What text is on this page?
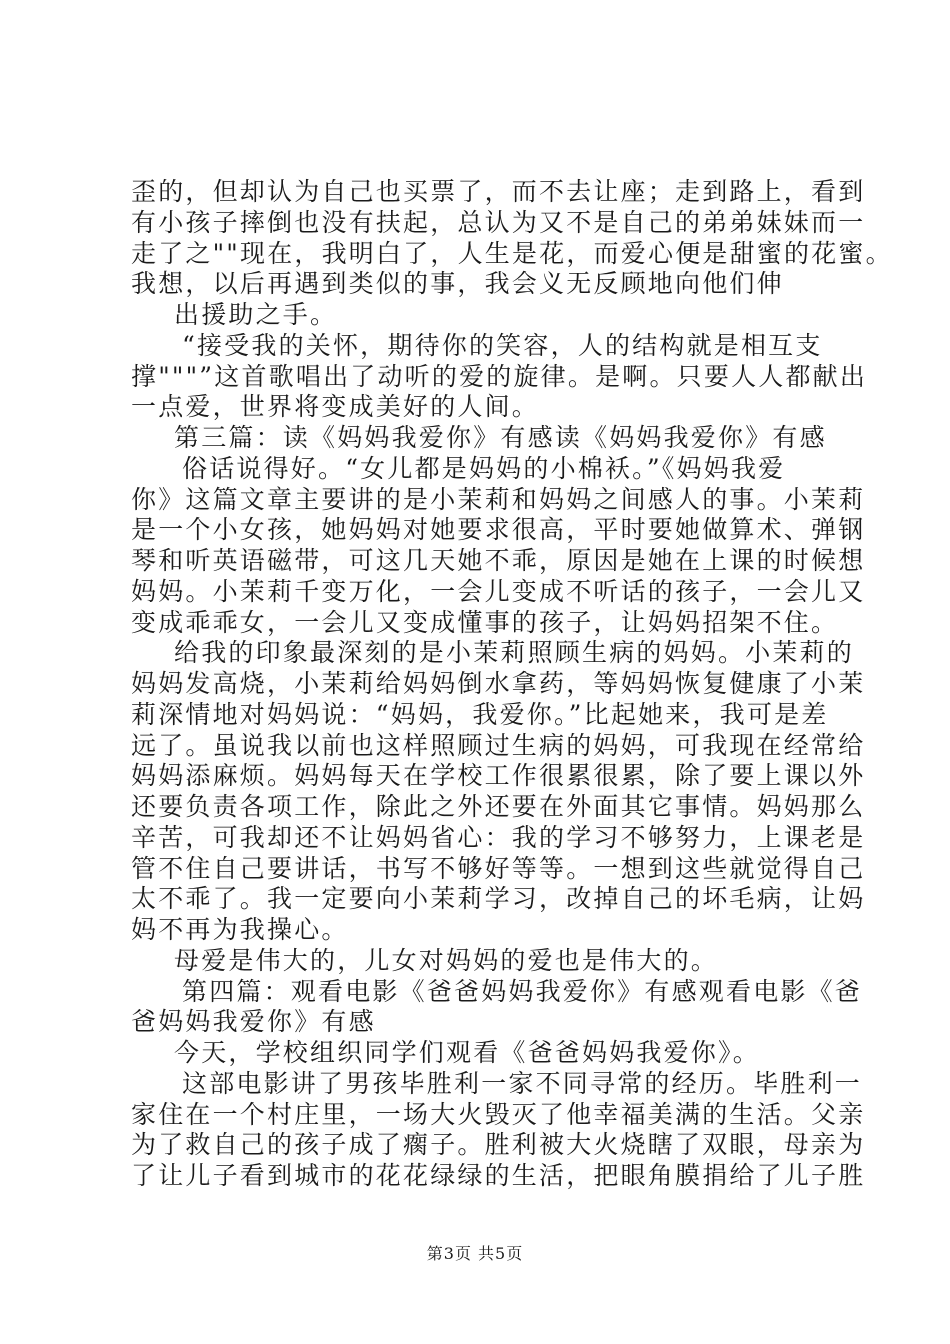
歪的，但却认为自己也买票了，而不去让座；走到路上，看到
有小孩子摔倒也没有扶起，总认为又不是自己的弟弟妹妹而一
走了之""现在，我明白了，人生是花，而爱心便是甜蜜的花蜜。
我想，以后再遇到类似的事，我会义无反顾地向他们伸
出援助之手。
“接受我的关怀，期待你的笑容，人的结构就是相互支
撑"""”这首歌唱出了动听的爱的旋律。是啊。只要人人都献出
一点爱，世界将变成美好的人间。
第三篇：读《妈妈我爱你》有感读《妈妈我爱你》有感
俗话说得好。“女儿都是妈妈的小棉袄。”《妈妈我爱
你》这篇文章主要讲的是小茉莉和妈妈之间感人的事。小茉莉
是一个小女孩，她妈妈对她要求很高，平时要她做算术、弹钢
琴和听英语磁带，可这几天她不乖，原因是她在上课的时候想
妈妈。小茉莉千变万化，一会儿变成不听话的孩子，一会儿又
变成乖乖女，一会儿又变成懂事的孩子，让妈妈招架不住。
给我的印象最深刻的是小茉莉照顾生病的妈妈。小茉莉的
妈妈发高烧，小茉莉给妈妈倒水拿药，等妈妈恢复健康了小茉
莉深情地对妈妈说：“妈妈，我爱你。”比起她来，我可是差
远了。虽说我以前也这样照顾过生病的妈妈，可我现在经常给
妈妈添麻烦。妈妈每天在学校工作很累很累，除了要上课以外
还要负责各项工作，除此之外还要在外面其它事情。妈妈那么
辛苦，可我却还不让妈妈省心：我的学习不够努力，上课老是
管不住自己要讲话，书写不够好等等。一想到这些就觉得自己
太不乖了。我一定要向小茉莉学习，改掉自己的坏毛病，让妈
妈不再为我操心。
母爱是伟大的，儿女对妈妈的爱也是伟大的。
第四篇：观看电影《爸爸妈妈我爱你》有感观看电影《爸
爸妈妈我爱你》有感
今天，学校组织同学们观看《爸爸妈妈我爱你》。
这部电影讲了男孩毕胜利一家不同寻常的经历。毕胜利一
家住在一个村庄里，一场大火毁灭了他幸福美满的生活。父亲
为了救自己的孩子成了瘸子。胜利被大火烧瞎了双眼，母亲为
了让儿子看到城市的花花绿绿的生活，把眼角膜捐给了儿子胜
第3页 共5页
